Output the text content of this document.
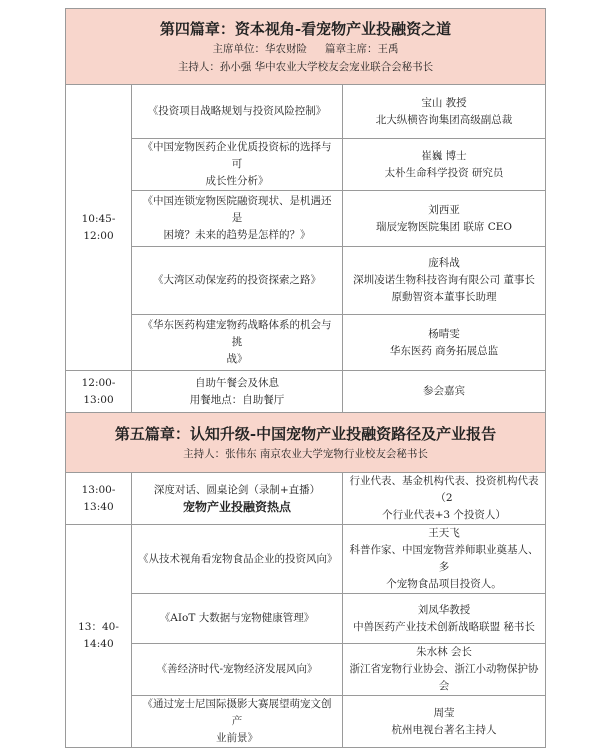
第四篇章：资本视角-看宠物产业投融资之道
主席单位：华农财险 篇章主席：王禹
主持人：孙小强 华中农业大学校友会宠业联合会秘书长		

10:45-12:00	《投资项目战略规划与投资风险控制》	宝山 教授
北大纵横咨询集团高级副总裁

	《中国宠物医药企业优质投资标的选择与可
成长性分析》	崔巍 博士
太朴生命科学投资 研究员

	《中国连锁宠物医院融资现状、是机遇还是
困境？未来的趋势是怎样的？》	刘西亚
瑞辰宠物医院集团 联席 CEO

	《大湾区动保宠药的投资探索之路》	庞科战
深圳凌诺生物科技咨询有限公司 董事长
原動智资本董事长助理

	《华东医药构建宠物药战略体系的机会与挑
战》	杨晴雯
华东医药 商务拓展总监

12:00-13:00	自助午餐会及休息
用餐地点：自助餐厅	参会嘉宾

第五篇章：认知升级-中国宠物产业投融资路径及产业报告
主持人：张伟东 南京农业大学宠物行业校友会秘书长		

13:00-13:40	深度对话、圆桌论剑（录制+直播）
宠物产业投融资热点	行业代表、基金机构代表、投资机构代表（2
个行业代表+3 个投资人）

13：40-14:40	《从技术视角看宠物食品企业的投资风向》	王天飞
科普作家、中国宠物营养师职业奠基人、多
个宠物食品项目投资人。

	《AIoT 大数据与宠物健康管理》	刘凤华教授
中兽医药产业技术创新战略联盟 秘书长

	《善经济时代-宠物经济发展风向》	朱水林 会长
浙江省宠物行业协会、浙江小动物保护协会

	《通过宠士尼国际摄影大赛展望萌宠文创产
业前景》	周莹
杭州电视台著名主持人
